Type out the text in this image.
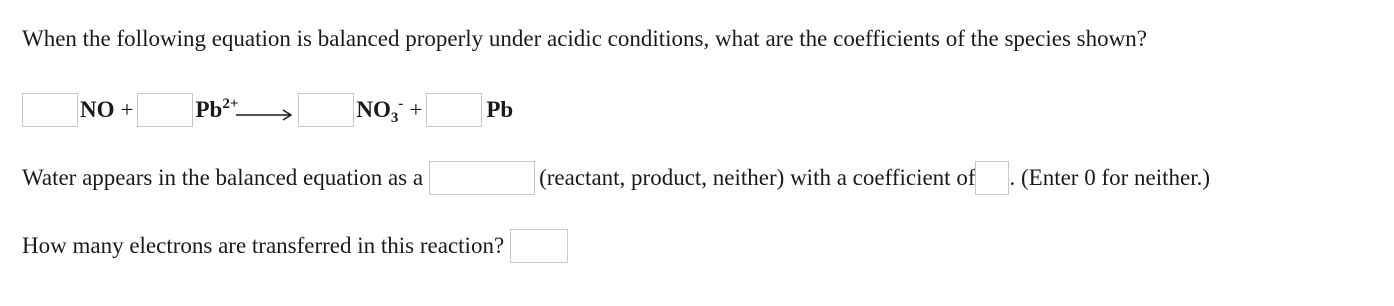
When the following equation is balanced properly under acidic conditions, what are the coefficients of the species shown?
NO +	$Pb^{2+}$	$NO_3^-$ +	Pb
Water appears in the balanced equation as a	(reactant, product, neither) with a coefficient of . (Enter 0 for neither.)
How many electrons are transferred in this reaction?
